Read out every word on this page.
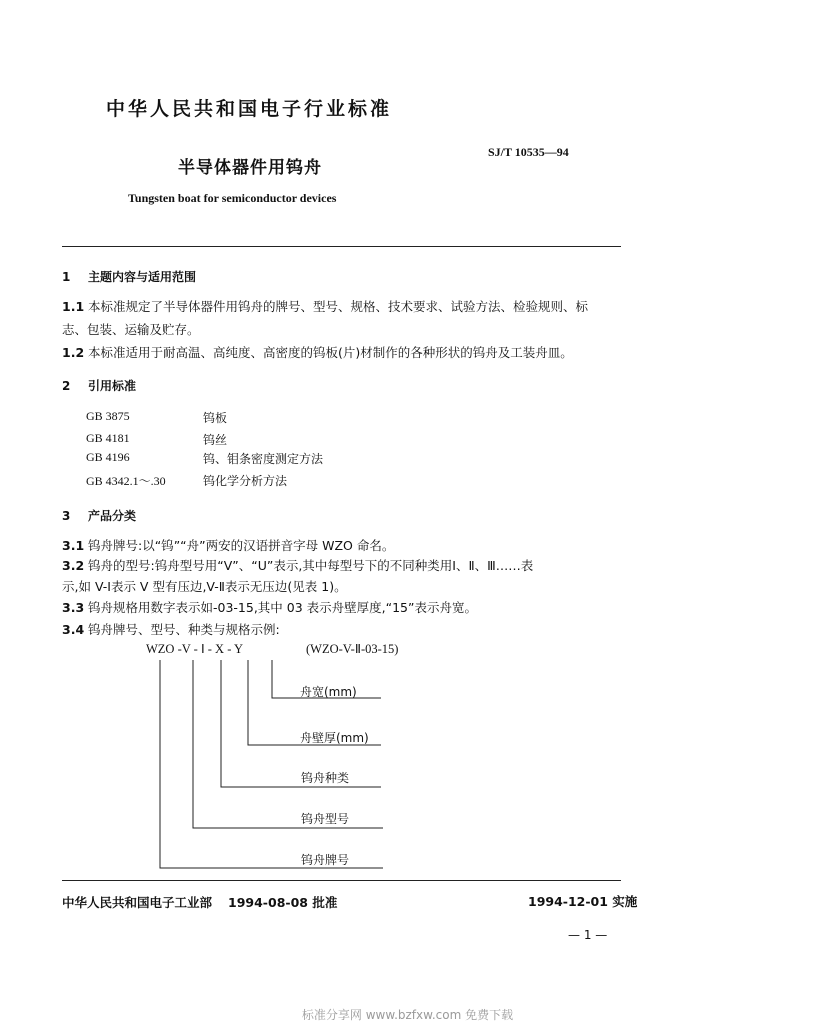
中华人民共和国电子行业标准
SJ/T 10535—94
半导体器件用钨舟
Tungsten boat for semiconductor devices
1 主题内容与适用范围
1.1 本标准规定了半导体器件用钨舟的牌号、型号、规格、技术要求、试验方法、检验规则、标
志、包装、运输及贮存。
1.2 本标准适用于耐高温、高纯度、高密度的钨板(片)材制作的各种形状的钨舟及工装舟皿。
2 引用标准
GB 3875	钨板
GB 4181	钨丝
GB 4196	钨、钼条密度测定方法
GB 4342.1～.30	钨化学分析方法
3 产品分类
3.1 钨舟牌号:以“钨”“舟”两安的汉语拼音字母 WZO 命名。
3.2 钨舟的型号:钨舟型号用“V”、“U”表示,其中每型号下的不同种类用Ⅰ、Ⅱ、Ⅲ……表
示,如 V-Ⅰ表示 V 型有压边,V-Ⅱ表示无压边(见表 1)。
3.3 钨舟规格用数字表示如-03-15,其中 03 表示舟壁厚度,“15”表示舟宽。
3.4 钨舟牌号、型号、种类与规格示例:
WZO -V - Ⅰ - X - Y	(WZO-V-Ⅱ-03-15)
舟宽(mm)
舟壁厚(mm)
钨舟种类
钨舟型号
钨舟牌号
中华人民共和国电子工业部 1994-08-08 批准	1994-12-01 实施
— 1 —
标准分享网 www.bzfxw.com 免费下载
